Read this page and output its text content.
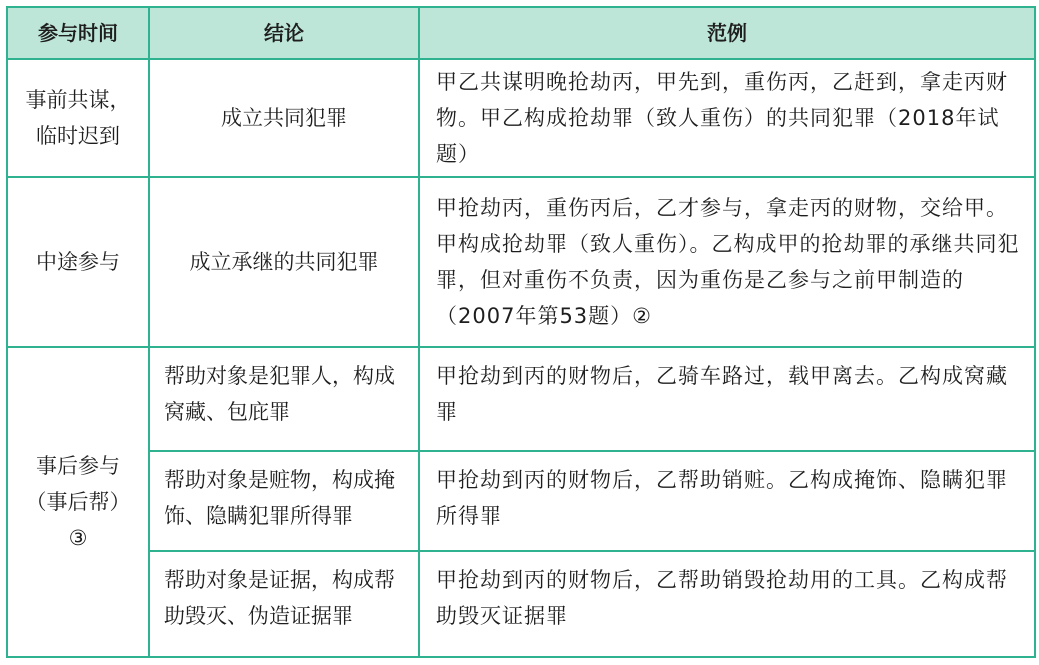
参与时间	结论	范例
事前共谋，
临时迟到	成立共同犯罪	甲乙共谋明晚抢劫丙，甲先到，重伤丙，乙赶到，拿走丙财物。甲乙构成抢劫罪（致人重伤）的共同犯罪（2018年试题）
中途参与	成立承继的共同犯罪	甲抢劫丙，重伤丙后，乙才参与，拿走丙的财物，交给甲。甲构成抢劫罪（致人重伤）。乙构成甲的抢劫罪的承继共同犯罪，但对重伤不负责，因为重伤是乙参与之前甲制造的（2007年第53题）②
事后参与
（事后帮）③	帮助对象是犯罪人，构成窝藏、包庇罪	甲抢劫到丙的财物后，乙骑车路过，载甲离去。乙构成窝藏罪
	帮助对象是赃物，构成掩饰、隐瞒犯罪所得罪	甲抢劫到丙的财物后，乙帮助销赃。乙构成掩饰、隐瞒犯罪所得罪
	帮助对象是证据，构成帮助毁灭、伪造证据罪	甲抢劫到丙的财物后，乙帮助销毁抢劫用的工具。乙构成帮助毁灭证据罪
